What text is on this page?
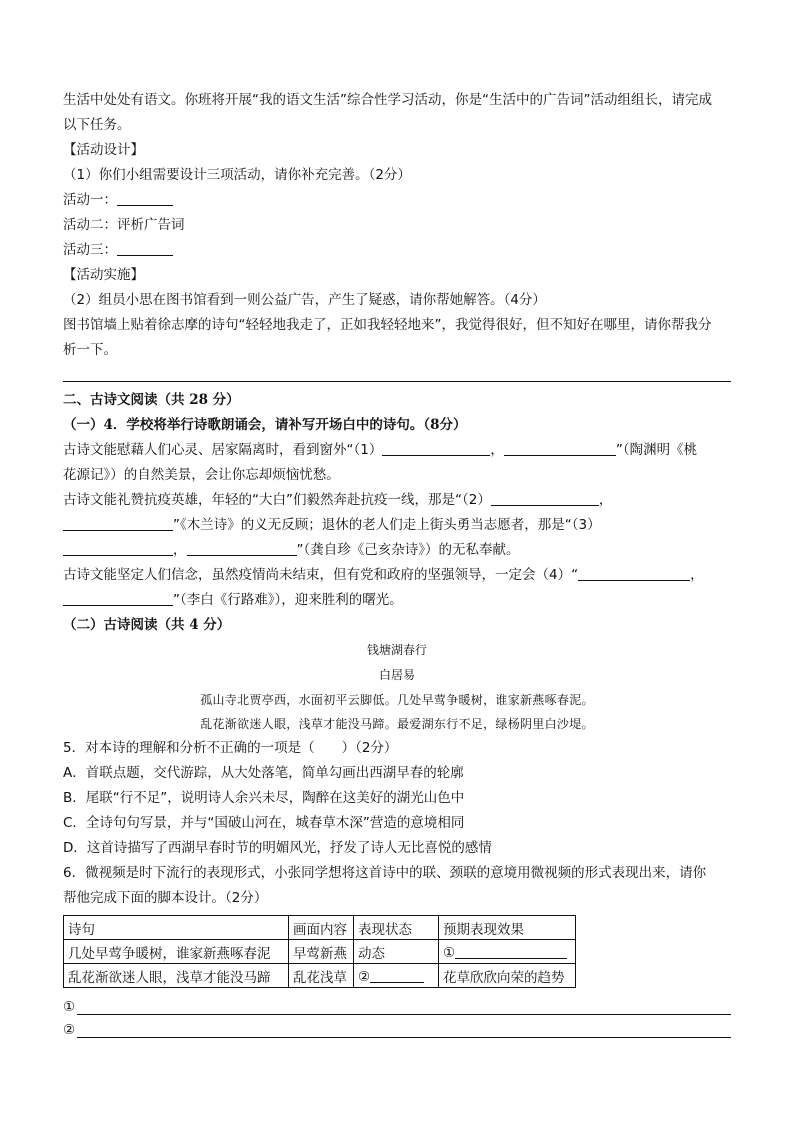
生活中处处有语文。你班将开展“我的语文生活”综合性学习活动，你是“生活中的广告词”活动组组长，请完成

以下任务。

【活动设计】

（1）你们小组需要设计三项活动，请你补充完善。（2分）

活动一：

活动二：评析广告词

活动三：

【活动实施】

（2）组员小思在图书馆看到一则公益广告，产生了疑惑，请你帮她解答。（4分）

图书馆墙上贴着徐志摩的诗句“轻轻地我走了，正如我轻轻地来”，我觉得很好，但不知好在哪里，请你帮我分

析一下。

二、古诗文阅读（共 28 分）

（一）4．学校将举行诗歌朗诵会，请补写开场白中的诗句。（8分）

古诗文能慰藉人们心灵、居家隔离时，看到窗外“（1）	，	”（陶渊明《桃

花源记》）的自然美景，会让你忘却烦恼忧愁。

古诗文能礼赞抗疫英雄，年轻的“大白”们毅然奔赴抗疫一线，那是“（2）	，

”《木兰诗》的义无反顾；退休的老人们走上街头勇当志愿者，那是“（3）

，	”（龚自珍《己亥杂诗》）的无私奉献。

古诗文能坚定人们信念，虽然疫情尚未结束，但有党和政府的坚强领导，一定会（4）“	，

”（李白《行路难》），迎来胜利的曙光。

（二）古诗阅读（共 4 分）

钱塘湖春行
白居易
孤山寺北贾亭西，水面初平云脚低。几处早莺争暖树，谁家新燕啄春泥。
乱花渐欲迷人眼，浅草才能没马蹄。最爱湖东行不足，绿杨阴里白沙堤。

5．对本诗的理解和分析不正确的一项是（　　）（2分）

A．首联点题，交代游踪，从大处落笔，简单勾画出西湖早春的轮廓

B．尾联“行不足”，说明诗人余兴未尽，陶醉在这美好的湖光山色中

C．全诗句句写景，并与“国破山河在，城春草木深”营造的意境相同

D．这首诗描写了西湖早春时节的明媚风光，抒发了诗人无比喜悦的感情

6．微视频是时下流行的表现形式，小张同学想将这首诗中的联、颈联的意境用微视频的形式表现出来，请你

帮他完成下面的脚本设计。（2分）

诗句	画面内容	表现状态	预期表现效果
几处早莺争暖树，谁家新燕啄春泥	早莺新燕	动态	①
乱花渐欲迷人眼，浅草才能没马蹄	乱花浅草	②	花草欣欣向荣的趋势
①
②
